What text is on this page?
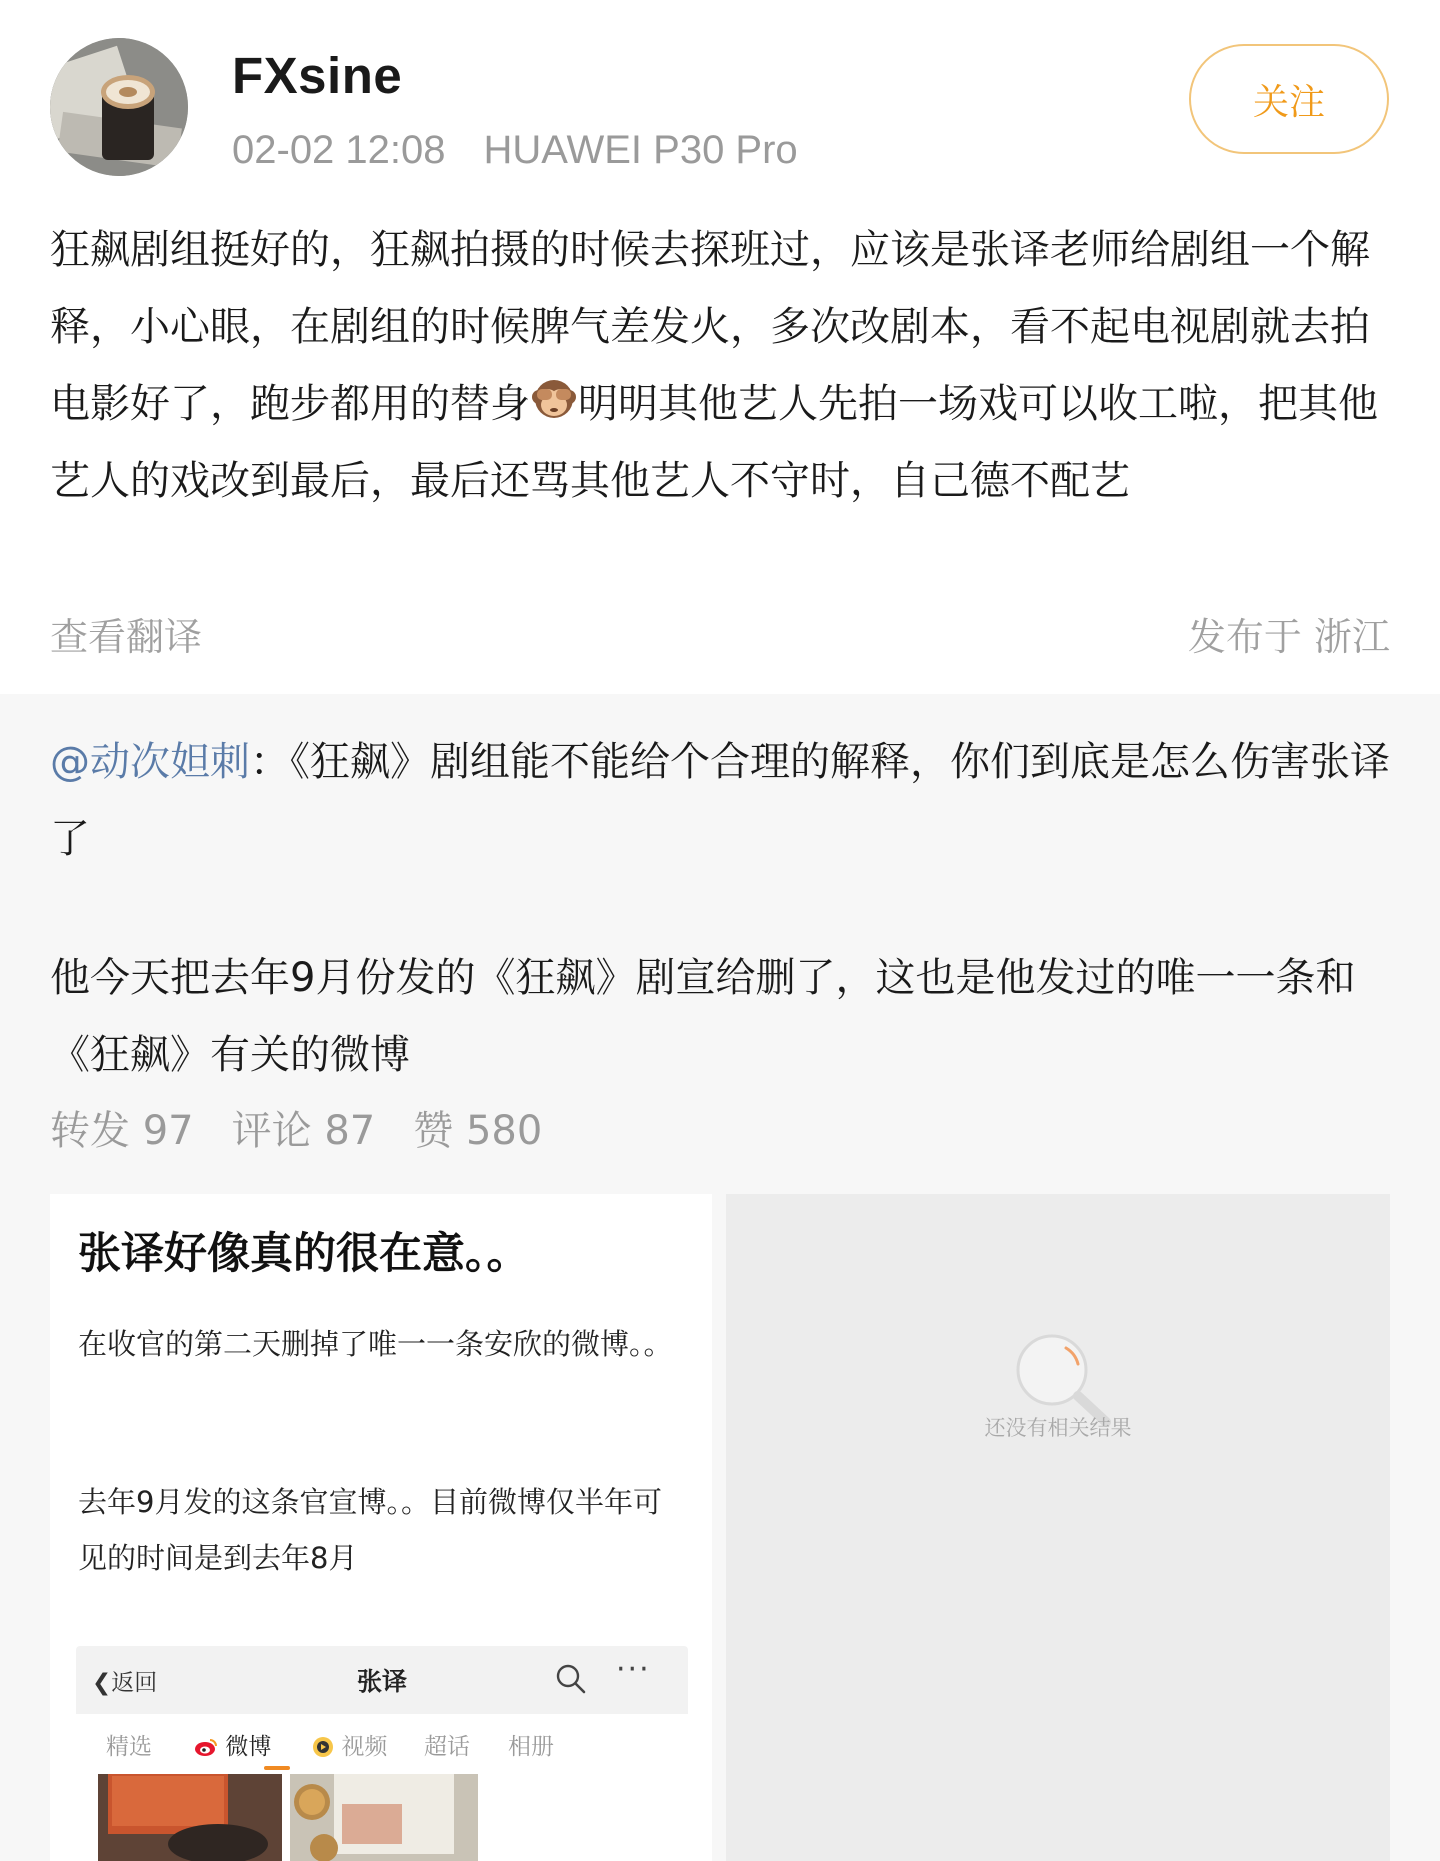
FXsine
02-02 12:08 HUAWEI P30 Pro
关注
狂飙剧组挺好的，狂飙拍摄的时候去探班过，应该是张译老师给剧组一个解释，小心眼，在剧组的时候脾气差发火，多次改剧本，看不起电视剧就去拍电影好了，跑步都用的替身 明明其他艺人先拍一场戏可以收工啦，把其他艺人的戏改到最后，最后还骂其他艺人不守时，自己德不配艺
查看翻译	发布于 浙江
@动次妲刺：《狂飙》剧组能不能给个合理的解释，你们到底是怎么伤害张译了
他今天把去年9月份发的《狂飙》剧宣给删了，这也是他发过的唯一一条和《狂飙》有关的微博
转发 97 评论 87 赞 580
张译好像真的很在意。。
在收官的第二天删掉了唯一一条安欣的微博。。
去年9月发的这条官宣博。。目前微博仅半年可见的时间是到去年8月
❮返回	张译	···
精选	微博	视频 超话 相册
还没有相关结果
